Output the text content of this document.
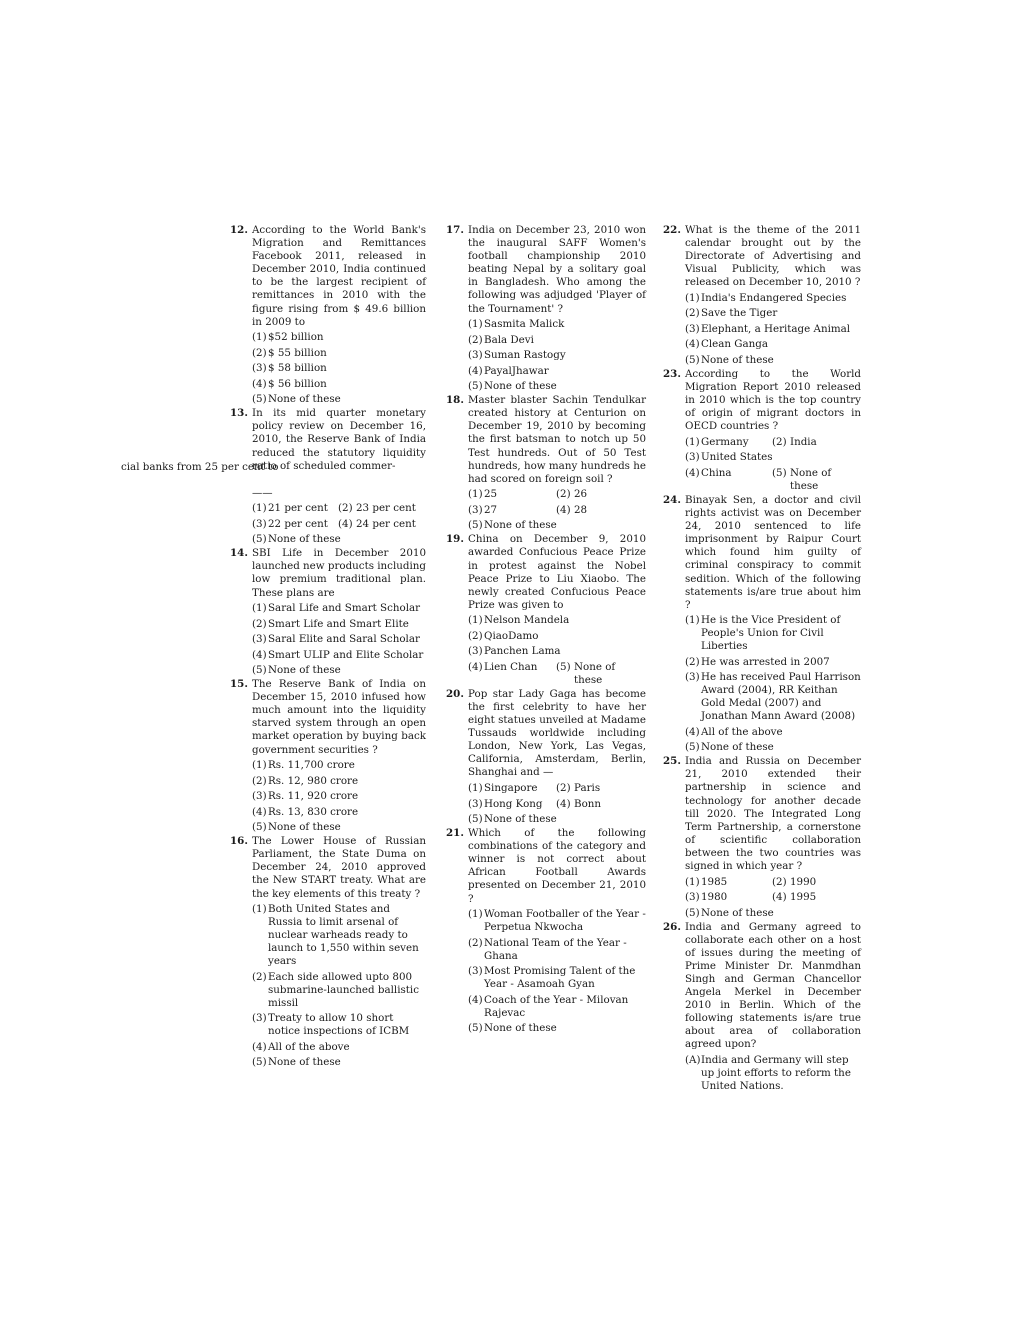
12. According to the World Bank's Migration and Remittances Facebook 2011, released in December 2010, India continued to be the largest recipient of remittances in 2010 with the figure rising from $ 49.6 billion in 2009 to

(1) $52 billion
(2) $ 55 billion
(3) $ 58 billion
(4) $ 56 billion
(5) None of these
13. In its mid quarter monetary policy review on December 16, 2010, the Reserve Bank of India reduced the statutory liquidity ratio of scheduled commer-

——
(1) 21 per cent (2) 23 per cent
(3) 22 per cent (4) 24 per cent
(5) None of these
14. SBI Life in December 2010 launched new products including low premium traditional plan. These plans are

(1) Saral Life and Smart Scholar
(2) Smart Life and Smart Elite
(3) Saral Elite and Saral Scholar
(4) Smart ULIP and Elite Scholar
(5) None of these
15. The Reserve Bank of India on December 15, 2010 infused how much amount into the liquidity starved system through an open market operation by buying back government securities ?

(1) Rs. 11,700 crore
(2) Rs. 12, 980 crore
(3) Rs. 11, 920 crore
(4) Rs. 13, 830 crore
(5) None of these
16. The Lower House of Russian Parliament, the State Duma on December 24, 2010 approved the New START treaty. What are the key elements of this treaty ?

(1) Both United States and Russia to limit arsenal of nuclear warheads ready to launch to 1,550 within seven years
(2) Each side allowed upto 800 submarine-launched ballistic missil
(3) Treaty to allow 10 short notice inspections of ICBM
(4) All of the above
(5) None of these
17. India on December 23, 2010 won the inaugural SAFF Women's football championship 2010 beating Nepal by a solitary goal in Bangladesh. Who among the following was adjudged 'Player of the Tournament' ?

(1) Sasmita Malick
(2) Bala Devi
(3) Suman Rastogy
(4) PayalJhawar
(5) None of these
18. Master blaster Sachin Tendulkar created history at Centurion on December 19, 2010 by becoming the first batsman to notch up 50 Test hundreds. Out of 50 Test hundreds, how many hundreds he had scored on foreign soil ?

(1) 25	(2) 26
(3) 27	(4) 28
(5) None of these
19. China on December 9, 2010 awarded Confucious Peace Prize in protest against the Nobel Peace Prize to Liu Xiaobo. The newly created Confucious Peace Prize was given to

(1) Nelson Mandela
(2) QiaoDamo
(3) Panchen Lama
(4) Lien Chan	(5) None of these
20. Pop star Lady Gaga has become the first celebrity to have her eight statues unveiled at Madame Tussauds worldwide including London, New York, Las Vegas, California, Amsterdam, Berlin, Shanghai and —

(1) Singapore	(2) Paris
(3) Hong Kong	(4) Bonn
(5) None of these
21. Which of the following combinations of the category and winner is not correct about African Football Awards presented on December 21, 2010 ?

(1) Woman Footballer of the Year - Perpetua Nkwocha
(2) National Team of the Year - Ghana
(3) Most Promising Talent of the Year - Asamoah Gyan
(4) Coach of the Year - Milovan Rajevac
(5) None of these
22. What is the theme of the 2011 calendar brought out by the Directorate of Advertising and Visual Publicity, which was released on December 10, 2010 ?

(1) India's Endangered Species
(2) Save the Tiger
(3) Elephant, a Heritage Animal
(4) Clean Ganga
(5) None of these
23. According to the World Migration Report 2010 released in 2010 which is the top country of origin of migrant doctors in OECD countries ?

(1) Germany	(2) India
(3) United States
(4) China	(5) None of these
24. Binayak Sen, a doctor and civil rights activist was on December 24, 2010 sentenced to life imprisonment by Raipur Court which found him guilty of criminal conspiracy to commit sedition. Which of the following statements is/are true about him ?

(1) He is the Vice President of People's Union for Civil Liberties
(2) He was arrested in 2007
(3) He has received Paul Harrison Award (2004), RR Keithan Gold Medal (2007) and Jonathan Mann Award (2008)
(4) All of the above
(5) None of these
25. India and Russia on December 21, 2010 extended their partnership in science and technology for another decade till 2020. The Integrated Long Term Partnership, a cornerstone of scientific collaboration between the two countries was signed in which year ?

(1) 1985	(2) 1990
(3) 1980	(4) 1995
(5) None of these
26. India and Germany agreed to collaborate each other on a host of issues during the meeting of Prime Minister Dr. Manmdhan Singh and German Chancellor Angela Merkel in December 2010 in Berlin. Which of the following statements is/are true about area of collaboration agreed upon?

(A) India and Germany will step up joint efforts to reform the United Nations.
cial banks from 25 per cent to
